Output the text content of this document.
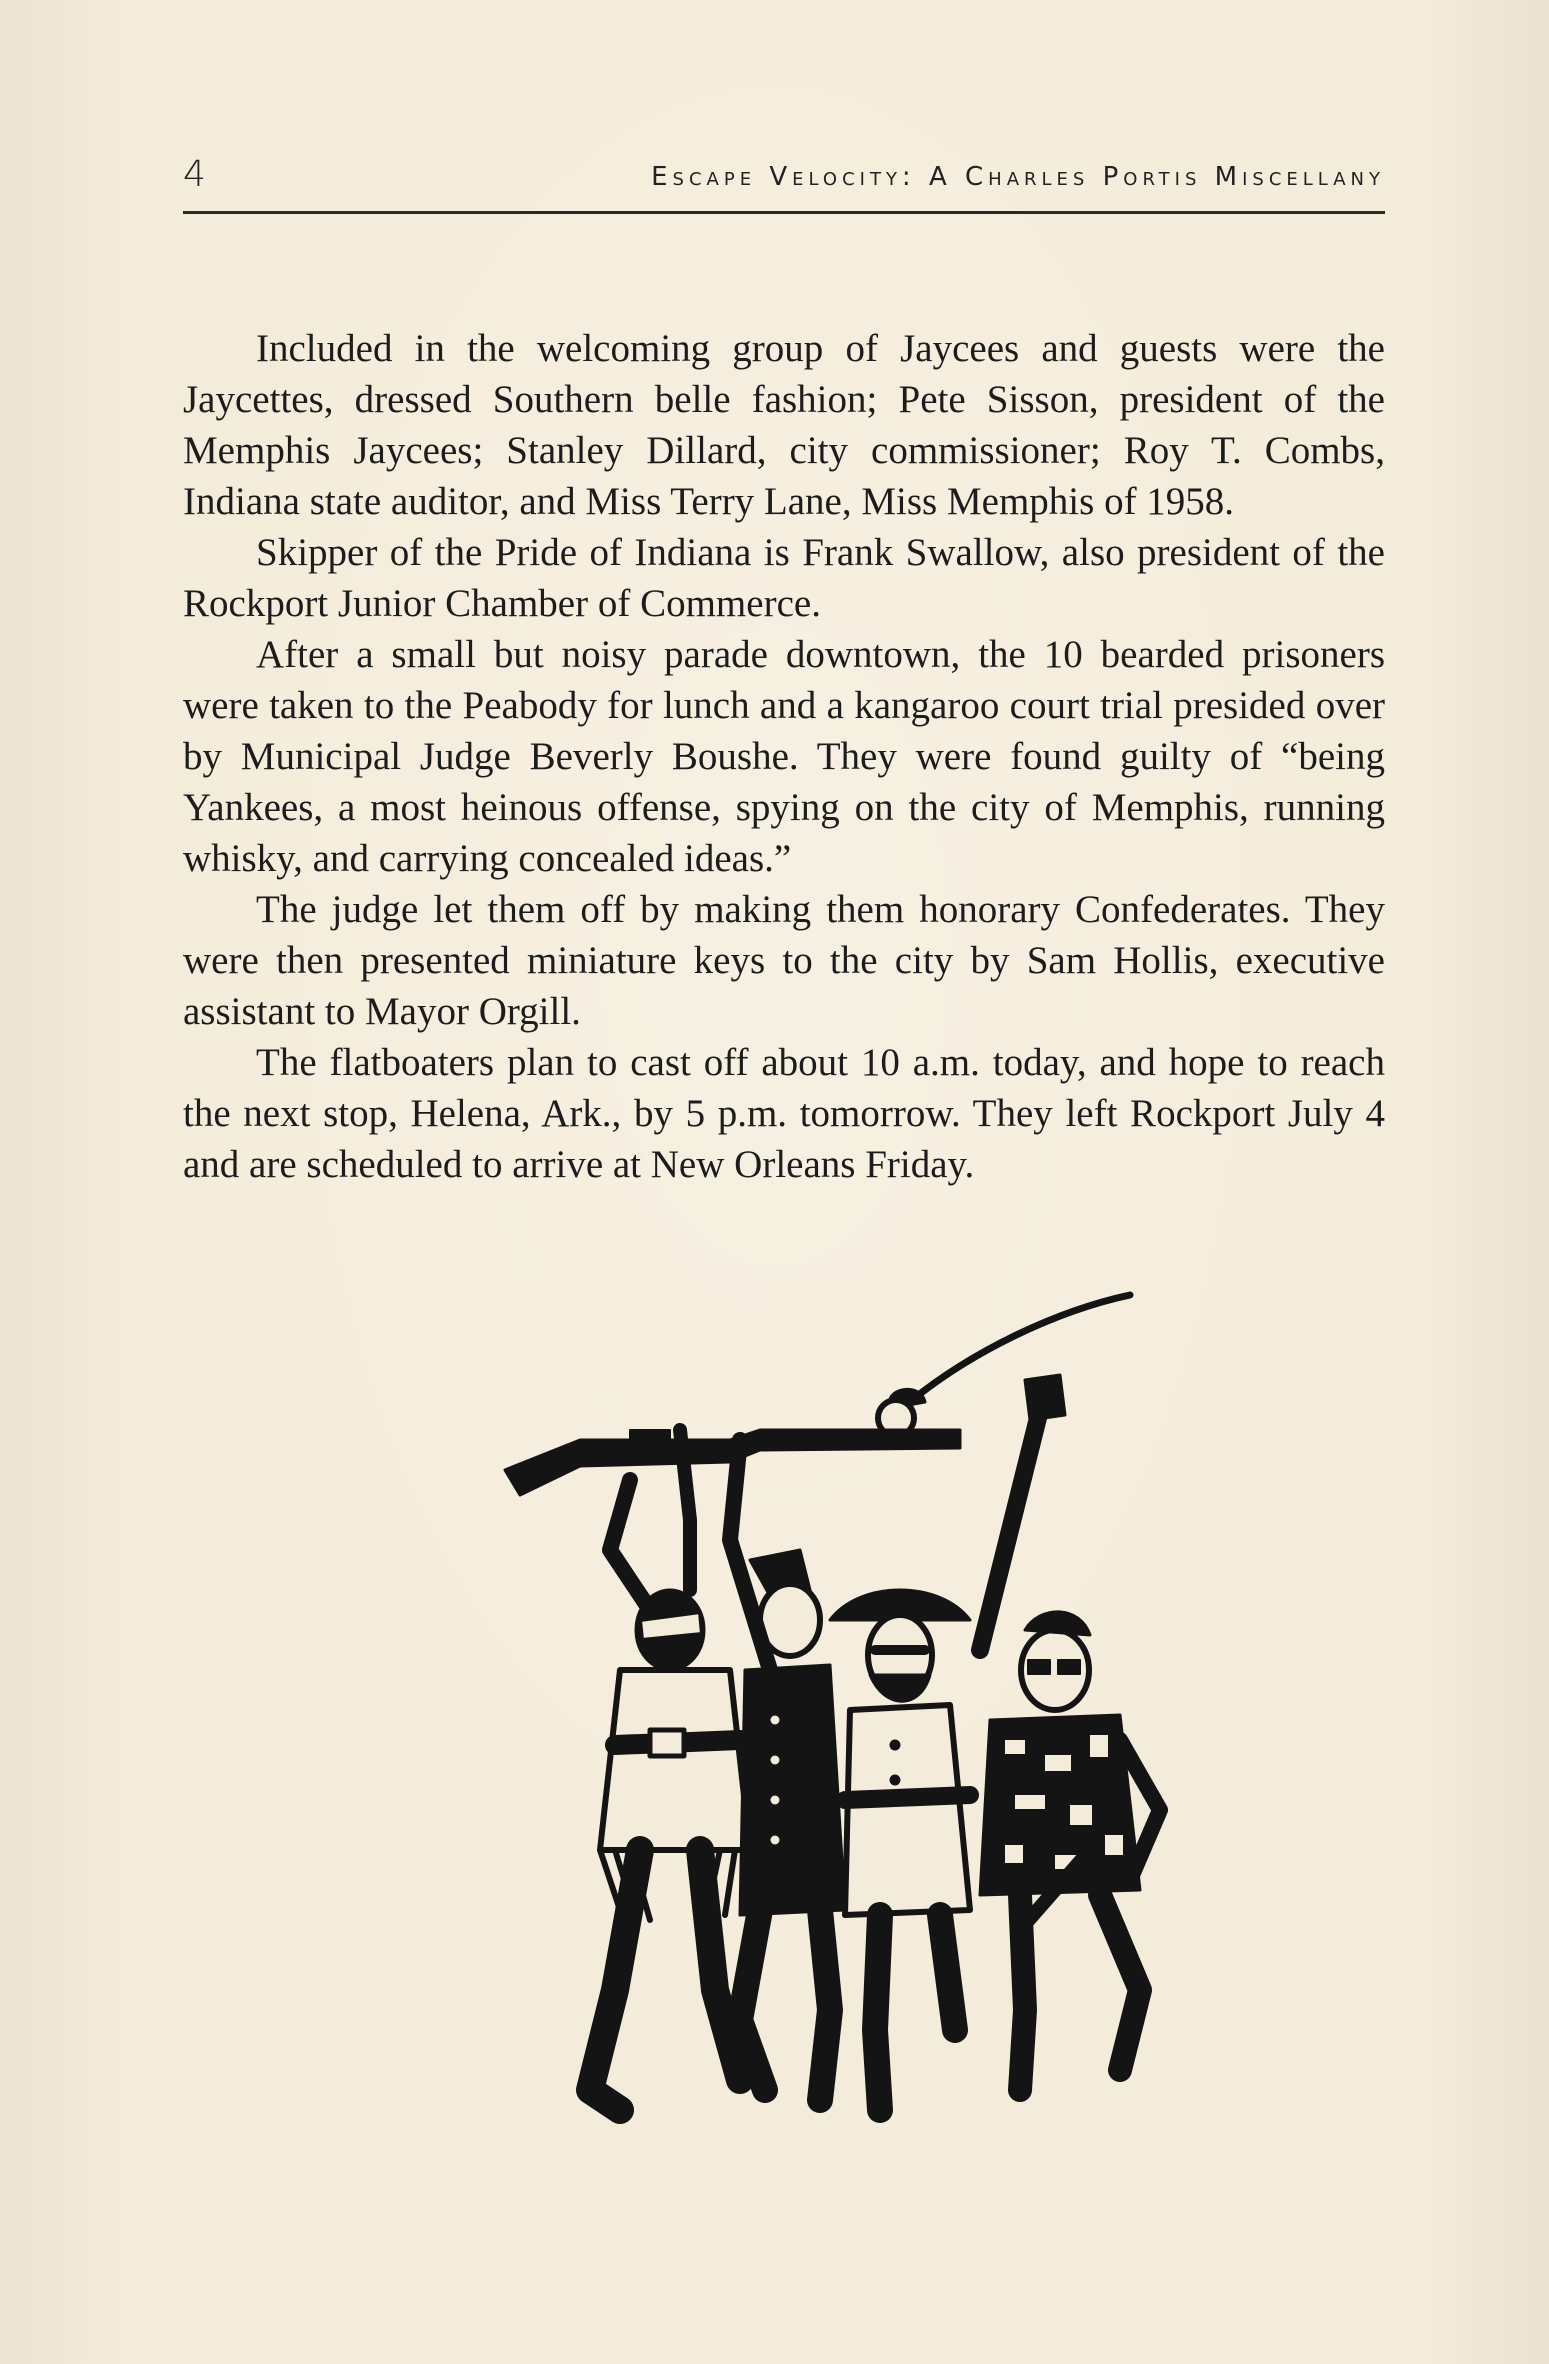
4	Escape Velocity: A Charles Portis Miscellany

Included in the welcoming group of Jaycees and guests were the Jaycettes, dressed Southern belle fashion; Pete Sisson, president of the Memphis Jaycees; Stanley Dillard, city commissioner; Roy T. Combs, Indiana state auditor, and Miss Terry Lane, Miss Memphis of 1958.

Skipper of the Pride of Indiana is Frank Swallow, also president of the Rockport Junior Chamber of Commerce.

After a small but noisy parade downtown, the 10 bearded prisoners were taken to the Peabody for lunch and a kangaroo court trial presided over by Municipal Judge Beverly Boushe. They were found guilty of “being Yankees, a most heinous offense, spying on the city of Memphis, running whisky, and carrying concealed ideas.”

The judge let them off by making them honorary Confederates. They were then presented miniature keys to the city by Sam Hollis, executive assistant to Mayor Orgill.

The flatboaters plan to cast off about 10 a.m. today, and hope to reach the next stop, Helena, Ark., by 5 p.m. tomorrow. They left Rockport July 4 and are scheduled to arrive at New Orleans Friday.
